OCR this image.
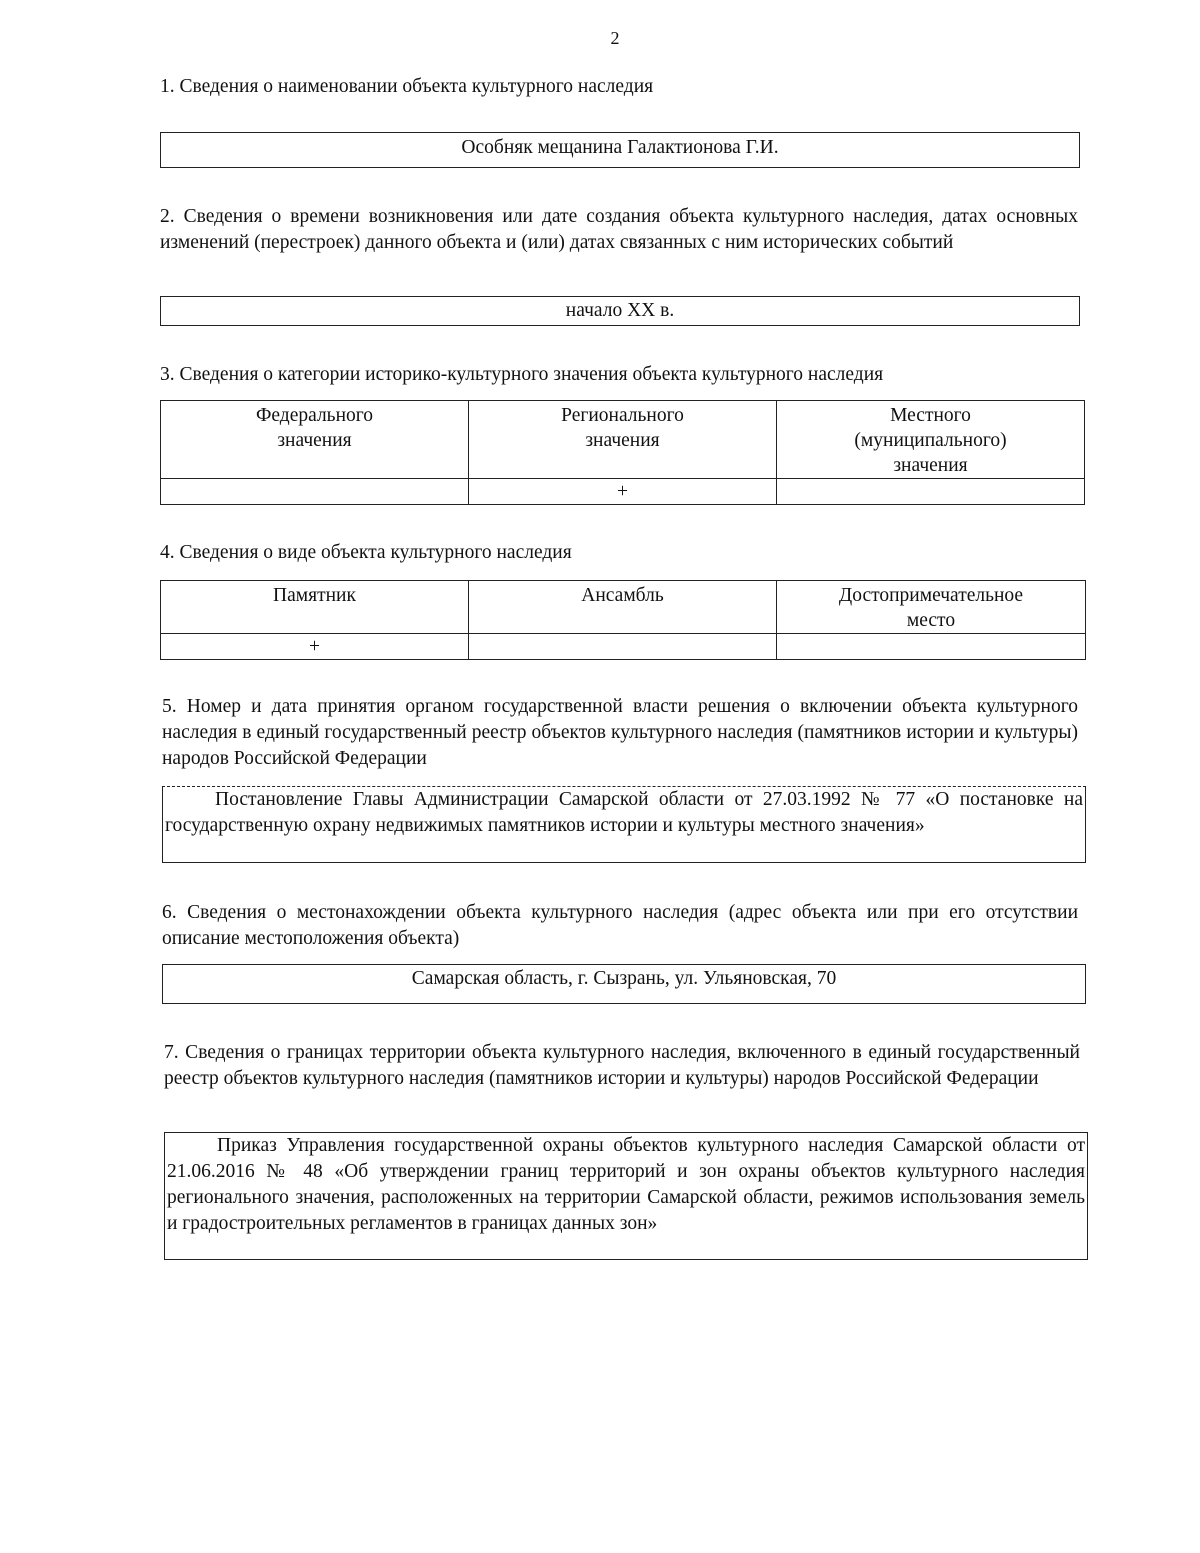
2
1. Сведения о наименовании объекта культурного наследия
Особняк мещанина Галактионова Г.И.
2. Сведения о времени возникновения или дате создания объекта культурного наследия, датах основных изменений (перестроек) данного объекта и (или) датах связанных с ним исторических событий
начало XX в.
3. Сведения о категории историко-культурного значения объекта культурного наследия
Федерального значения	Регионального значения	Местного (муниципального) значения

	+	
4. Сведения о виде объекта культурного наследия
Памятник	Ансамбль	Достопримечательное место

+		
5. Номер и дата принятия органом государственной власти решения о включении объекта культурного наследия в единый государственный реестр объектов культурного наследия (памятников истории и культуры) народов Российской Федерации
Постановление Главы Администрации Самарской области от 27.03.1992 № 77 «О постановке на государственную охрану недвижимых памятников истории и культуры местного значения»
6. Сведения о местонахождении объекта культурного наследия (адрес объекта или при его отсутствии описание местоположения объекта)
Самарская область, г. Сызрань, ул. Ульяновская, 70
7. Сведения о границах территории объекта культурного наследия, включенного в единый государственный реестр объектов культурного наследия (памятников истории и культуры) народов Российской Федерации
Приказ Управления государственной охраны объектов культурного наследия Самарской области от 21.06.2016 № 48 «Об утверждении границ территорий и зон охраны объектов культурного наследия регионального значения, расположенных на территории Самарской области, режимов использования земель и градостроительных регламентов в границах данных зон»
